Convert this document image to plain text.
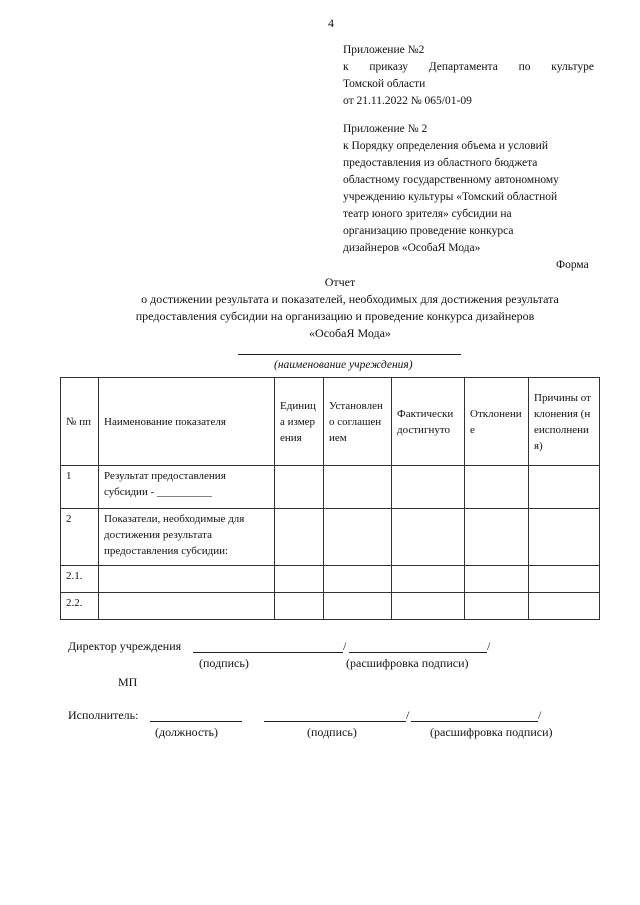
4
Приложение №2
к приказу Департамента по культуре
Томской области
от 21.11.2022 № 065/01-09
Приложение № 2
к Порядку определения объема и условий
предоставления из областного бюджета
областному государственному автономному
учреждению культуры «Томский областной
театр юного зрителя» субсидии на
организацию проведение конкурса
дизайнеров «ОсобаЯ Мода»
Форма
Отчет
о достижении результата и показателей, необходимых для достижения результата
предоставления субсидии на организацию и проведение конкурса дизайнеров
«ОсобаЯ Мода»
(наименование учреждения)
№ пп	Наименование показателя	Единица измерения	Установлено соглашением	Фактически достигнуто	Отклонение	Причины отклонения (неисполнения)
1	Результат предоставления субсидии - __________					
2	Показатели, необходимые для достижения результата предоставления субсидии:					
2.1.						
2.2.						
Директор учреждения	/	/
(подпись)	(расшифровка подписи)
МП
Исполнитель:	/	/
(должность)	(подпись)	(расшифровка подписи)
